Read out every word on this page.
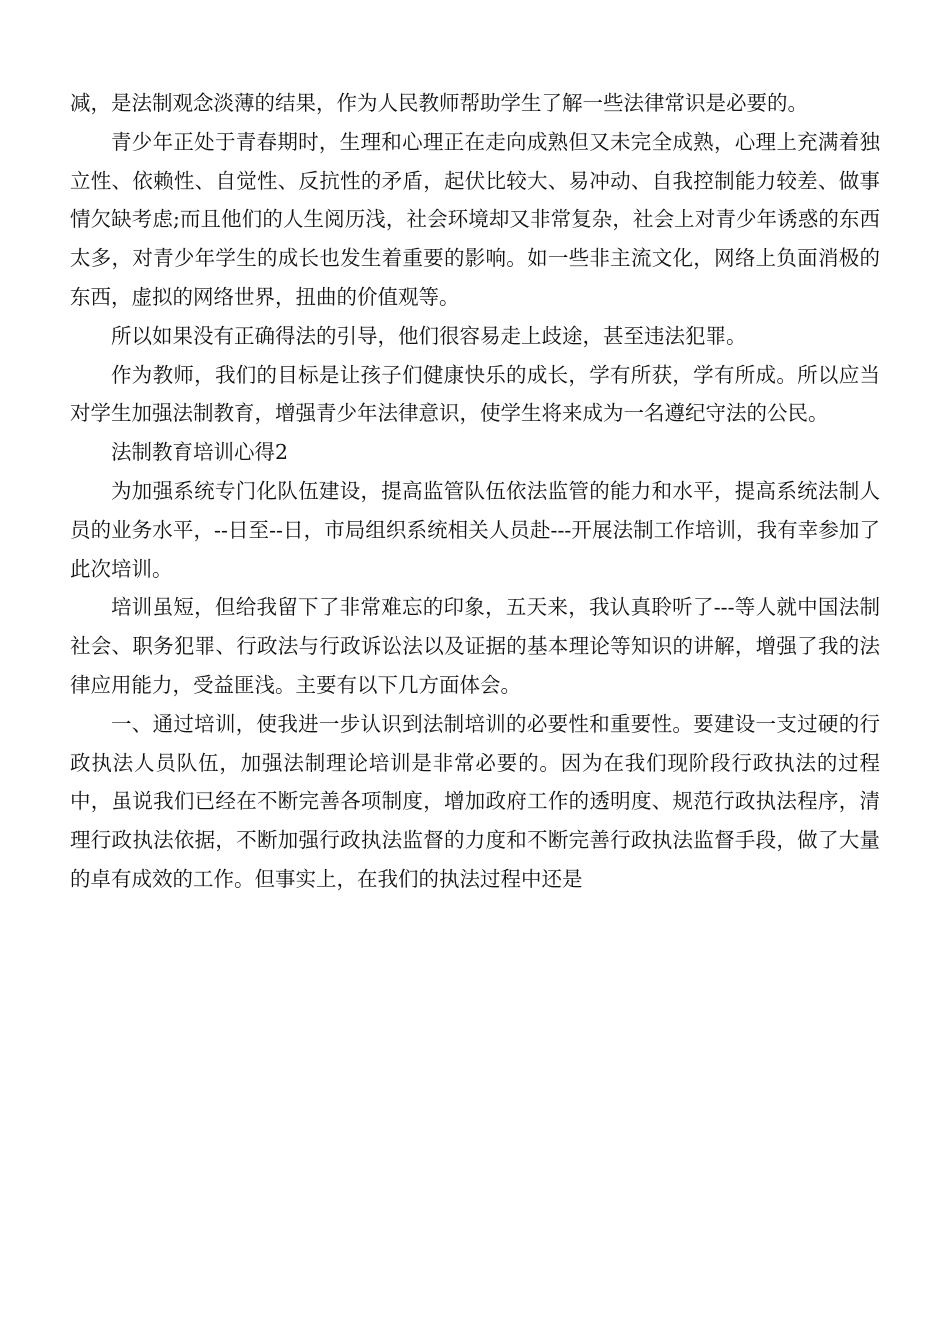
减，是法制观念淡薄的结果，作为人民教师帮助学生了解一些法律常识是必要的。

青少年正处于青春期时，生理和心理正在走向成熟但又未完全成熟，心理上充满着独立性、依赖性、自觉性、反抗性的矛盾，起伏比较大、易冲动、自我控制能力较差、做事情欠缺考虑;而且他们的人生阅历浅，社会环境却又非常复杂，社会上对青少年诱惑的东西太多，对青少年学生的成长也发生着重要的影响。如一些非主流文化，网络上负面消极的东西，虚拟的网络世界，扭曲的价值观等。

所以如果没有正确得法的引导，他们很容易走上歧途，甚至违法犯罪。

作为教师，我们的目标是让孩子们健康快乐的成长，学有所获，学有所成。所以应当对学生加强法制教育，增强青少年法律意识，使学生将来成为一名遵纪守法的公民。

法制教育培训心得2

为加强系统专门化队伍建设，提高监管队伍依法监管的能力和水平，提高系统法制人员的业务水平，--日至--日，市局组织系统相关人员赴---开展法制工作培训，我有幸参加了此次培训。

培训虽短，但给我留下了非常难忘的印象，五天来，我认真聆听了---等人就中国法制社会、职务犯罪、行政法与行政诉讼法以及证据的基本理论等知识的讲解，增强了我的法律应用能力，受益匪浅。主要有以下几方面体会。

一、通过培训，使我进一步认识到法制培训的必要性和重要性。要建设一支过硬的行政执法人员队伍，加强法制理论培训是非常必要的。因为在我们现阶段行政执法的过程中，虽说我们已经在不断完善各项制度，增加政府工作的透明度、规范行政执法程序，清理行政执法依据，不断加强行政执法监督的力度和不断完善行政执法监督手段，做了大量的卓有成效的工作。但事实上，在我们的执法过程中还是
